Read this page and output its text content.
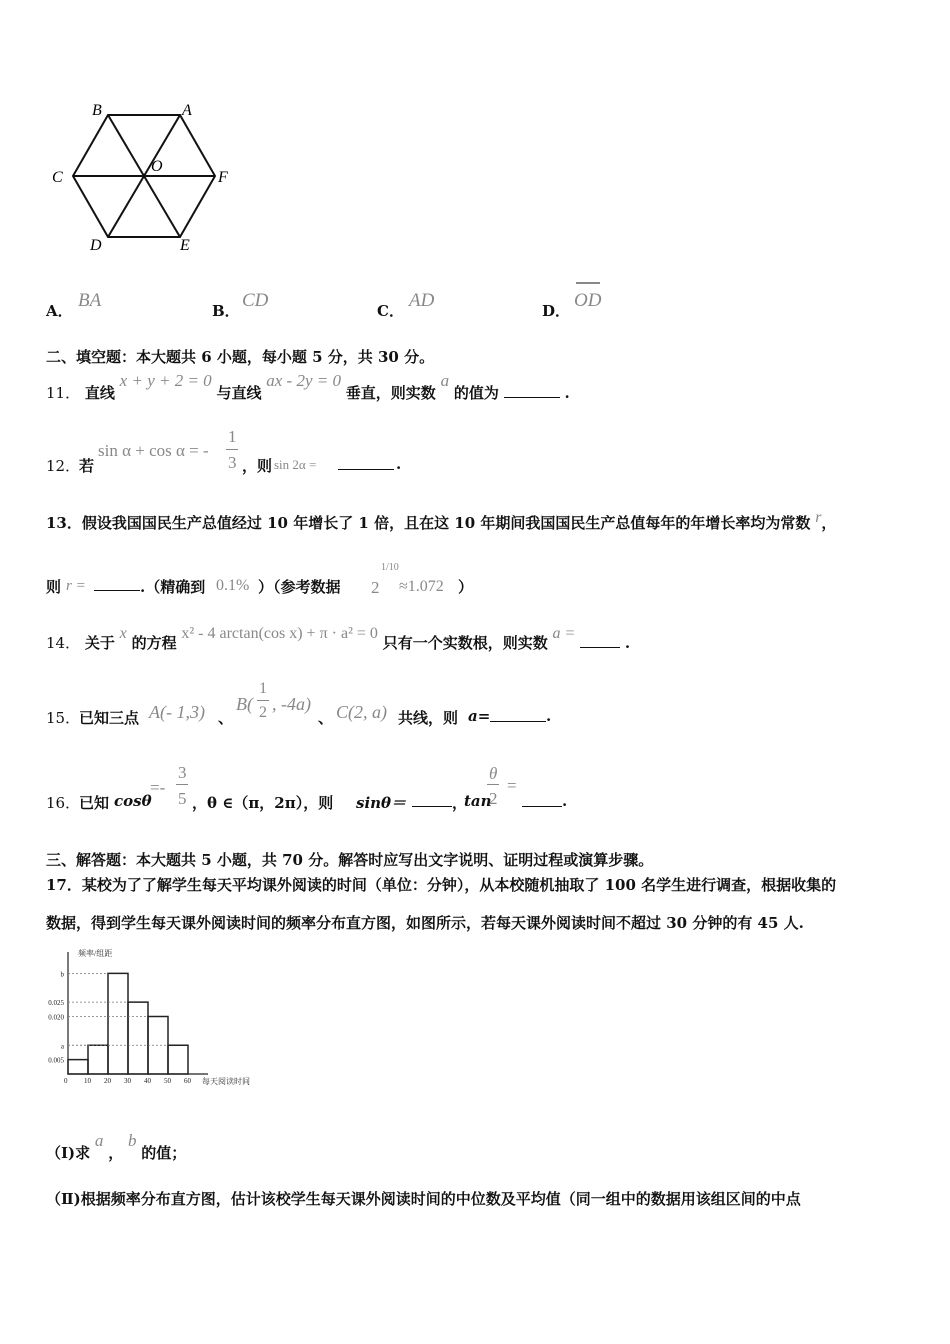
B	A
C	F
O
D	E
A． BA	B． CD	C． AD	D． OD
二、填空题：本大题共 6 小题，每小题 5 分，共 30 分。
11． 直线 x + y + 2 = 0 与直线 ax - 2y = 0 垂直，则实数 a 的值为	.
12．
若
sin α + cos α = -
1
3 ，则 sin 2α =	.
13．假设我国国民生产总值经过 10 年增长了 1 倍，且在这 10 年期间我国国民生产总值每年的年增长率均为常数 r，
则 r =	.（精确到 0.1% ）（参考数据 2
1/10
≈1.072 ）
14． 关于 x 的方程 x² - 4 arctan(cos x) + π · a² = 0 只有一个实数根，则实数 a =  .
15．
已知三点 A(- 1,3) 、
B(
1
2 , -4a)
、 C(2, a) 共线，则 a=	.
16．
已知 cosθ
=-
3
5 ，θ ∈（π，2π），则 sinθ＝	，
tan
θ
2
=
.
三、解答题：本大题共 5 小题，共 70 分。解答时应写出文字说明、证明过程或演算步骤。
17．某校为了了解学生每天平均课外阅读的时间（单位：分钟），从本校随机抽取了 100 名学生进行调查，根据收集的
数据，得到学生每天课外阅读时间的频率分布直方图，如图所示，若每天课外阅读时间不超过 30 分钟的有 45 人.
频率/组距
每天阅读时间
0 10 20 30 40 50 60
b
0.025
0.020
a
0.005
（Ⅰ)求 a ， b 的值；
（Ⅱ)根据频率分布直方图，估计该校学生每天课外阅读时间的中位数及平均值（同一组中的数据用该组区间的中点
